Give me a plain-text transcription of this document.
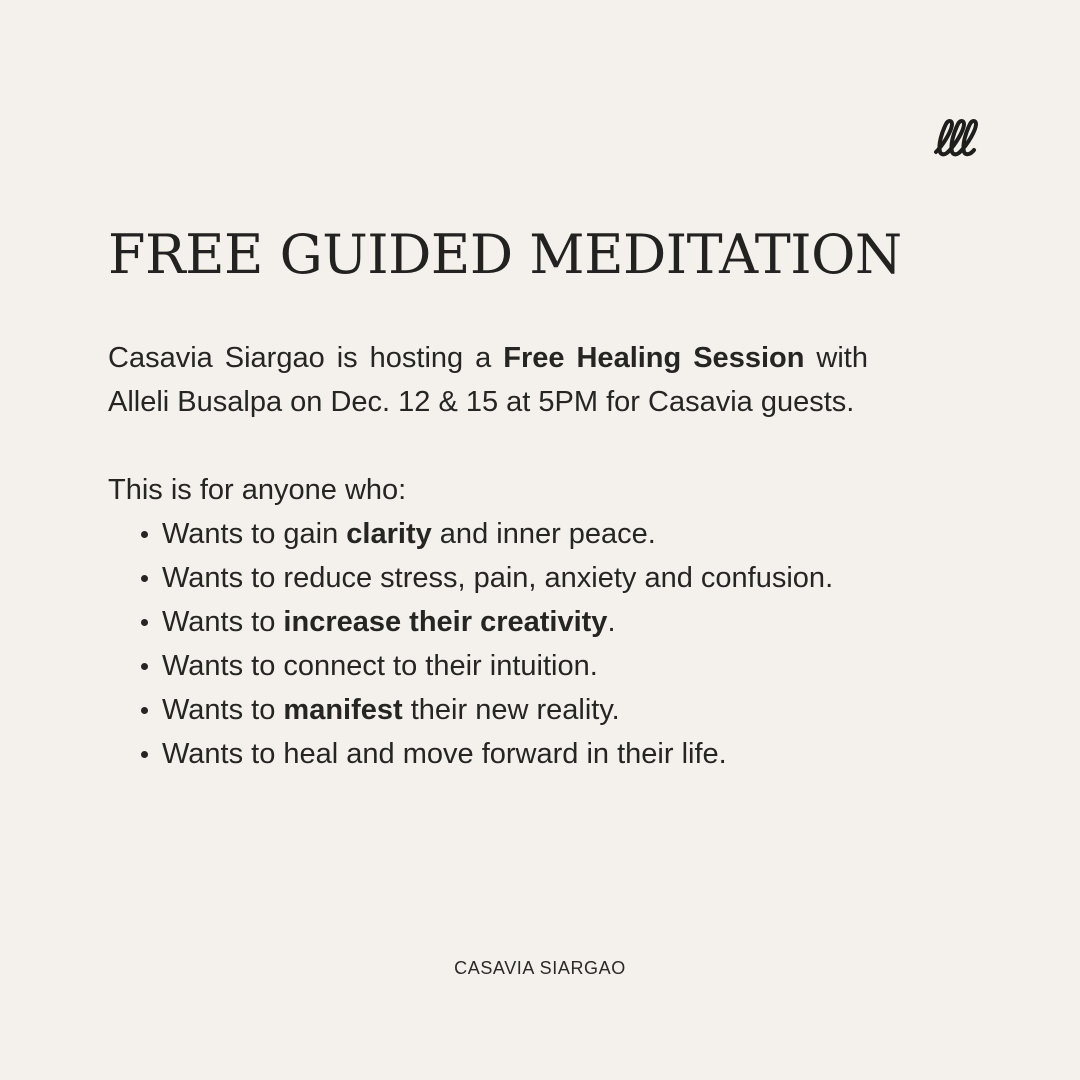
FREE GUIDED MEDITATION

Casavia Siargao is hosting a Free Healing Session with Alleli Busalpa on Dec. 12 & 15 at 5PM for Casavia guests.

This is for anyone who:

Wants to gain clarity and inner peace.
Wants to reduce stress, pain, anxiety and confusion.
Wants to increase their creativity.
Wants to connect to their intuition.
Wants to manifest their new reality.
Wants to heal and move forward in their life.
CASAVIA SIARGAO
